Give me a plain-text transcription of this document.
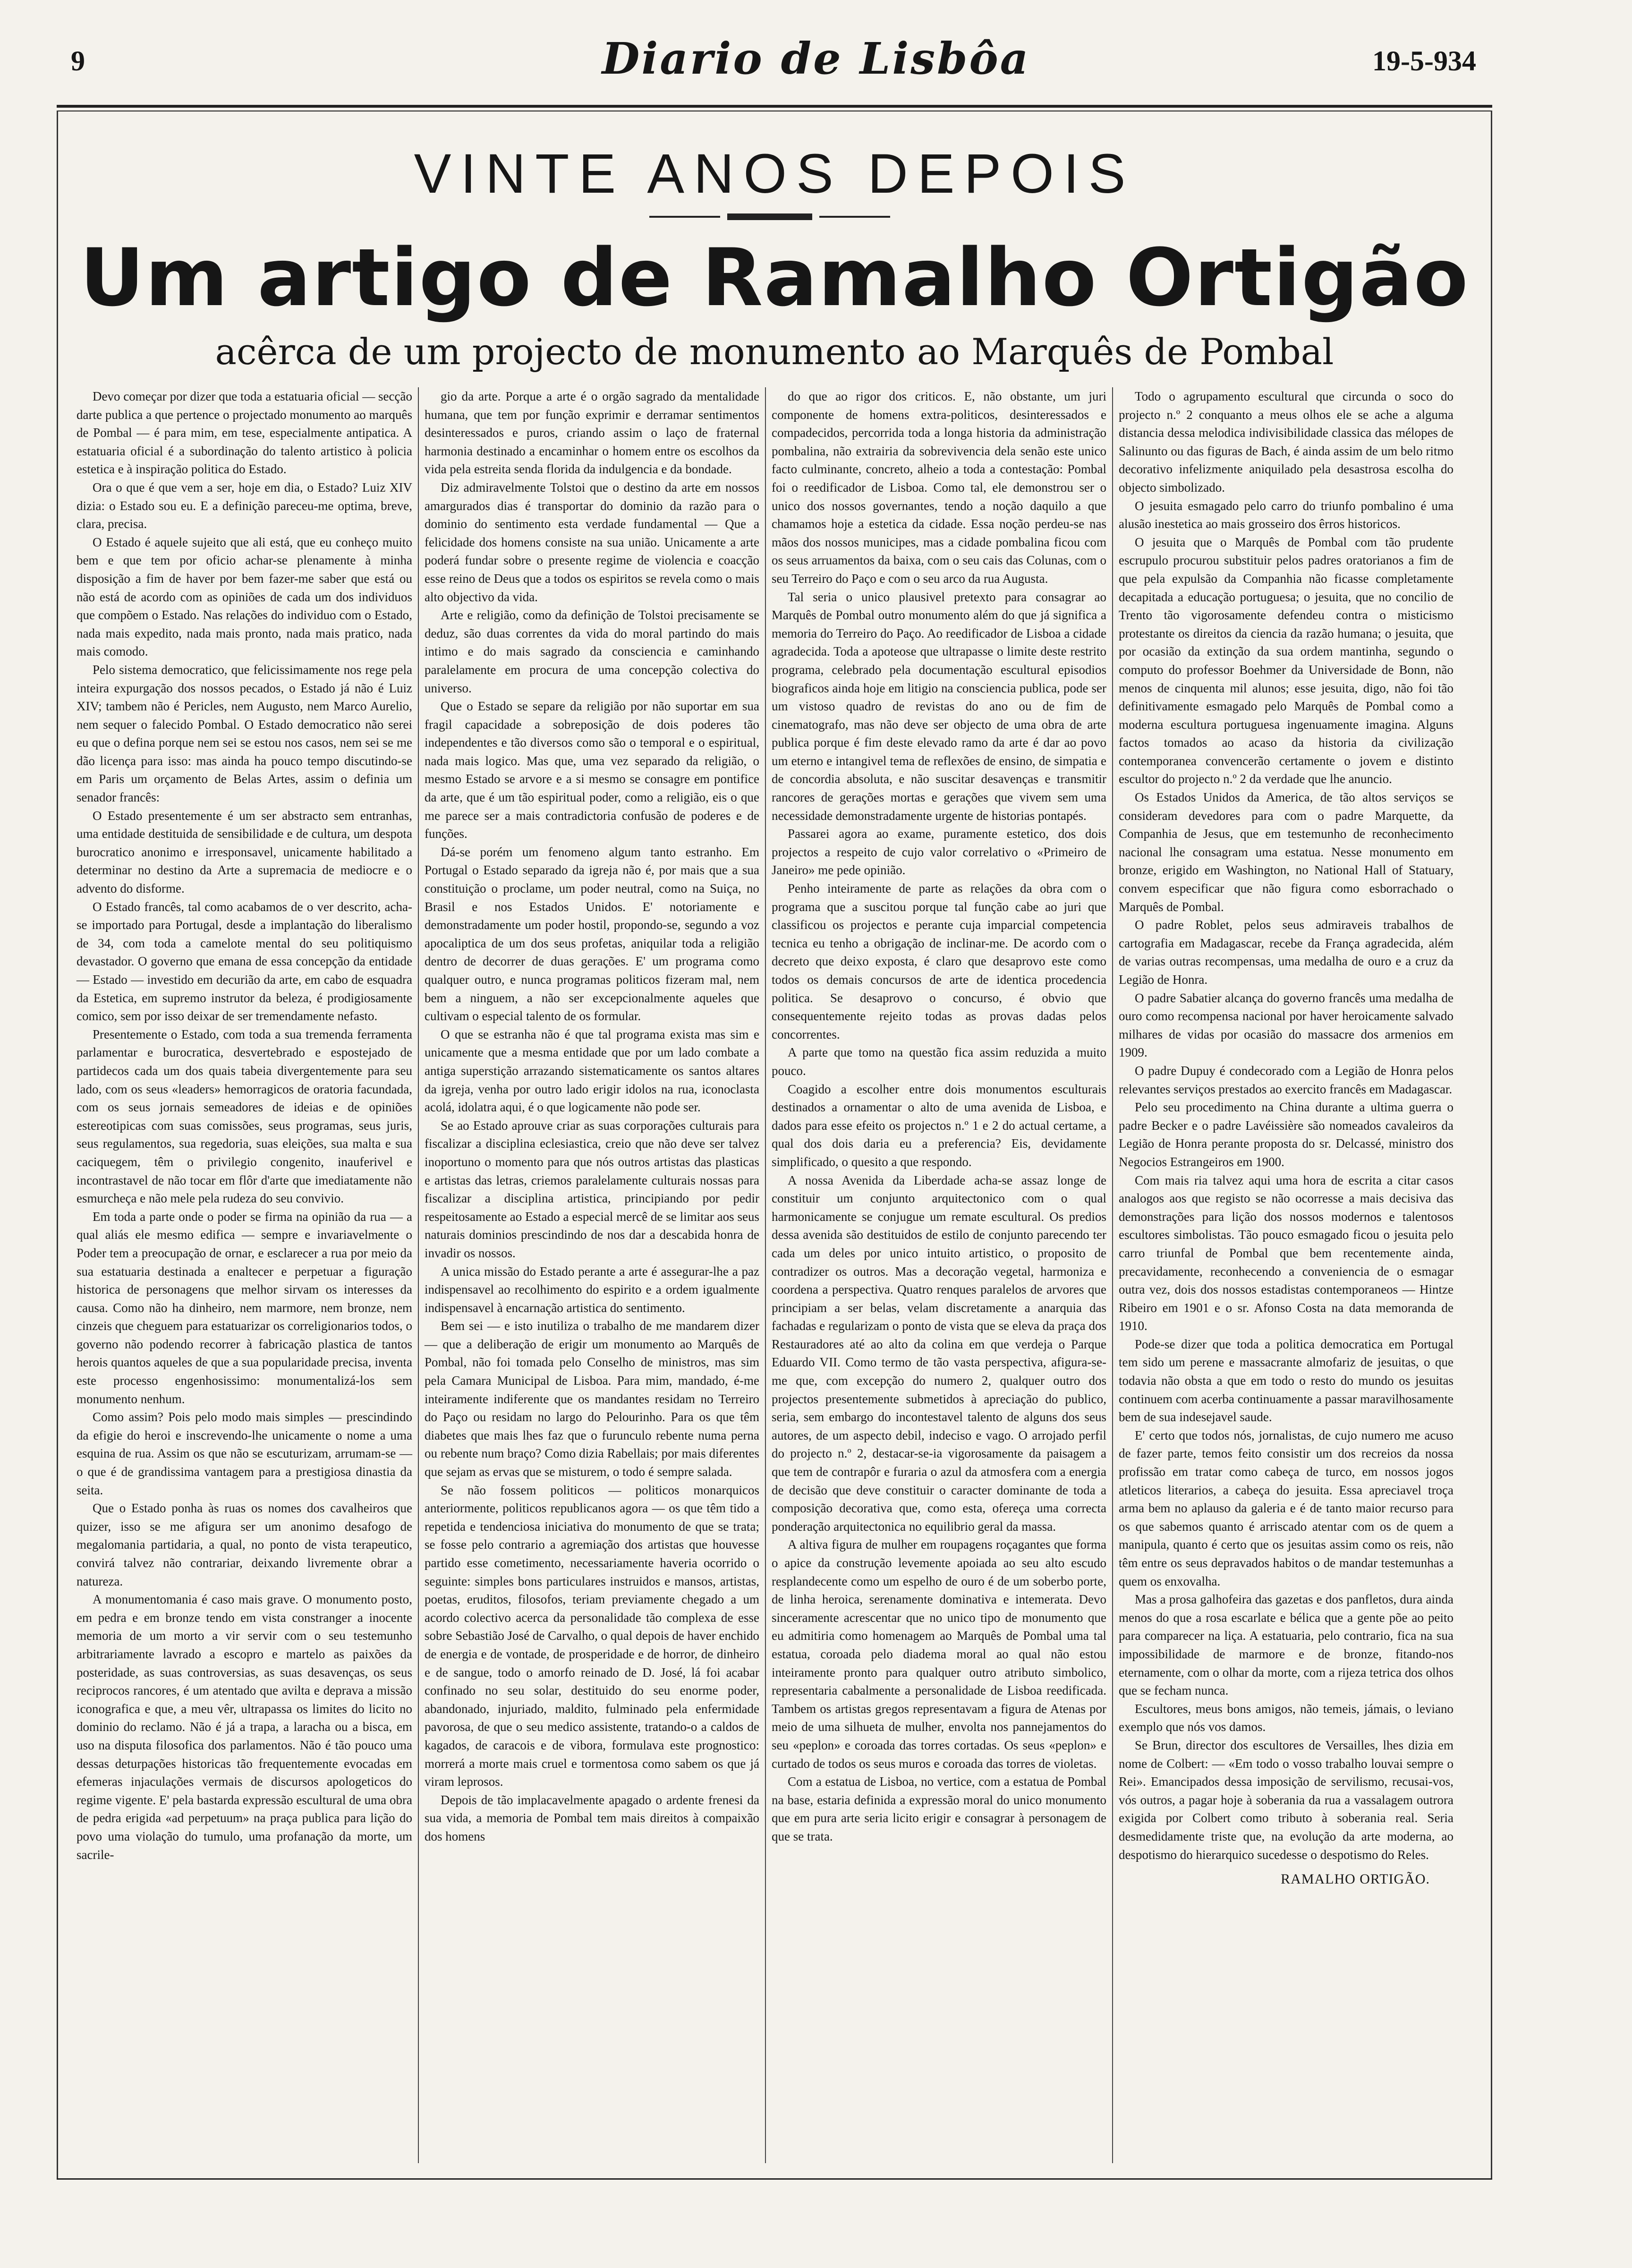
9	Diario de Lisbôa	19-5-934
VINTE ANOS DEPOIS
Um artigo de Ramalho Ortigão
acêrca de um projecto de monumento ao Marquês de Pombal

Devo começar por dizer que toda a estatuaria oficial — secção darte publica a que pertence o projectado monumento ao marquês de Pombal — é para mim, em tese, especialmente antipatica. A estatuaria oficial é a subordinação do talento artistico à policia estetica e à inspiração politica do Estado.

Ora o que é que vem a ser, hoje em dia, o Estado? Luiz XIV dizia: o Estado sou eu. E a definição pareceu-me optima, breve, clara, precisa.

O Estado é aquele sujeito que ali está, que eu conheço muito bem e que tem por oficio achar-se plenamente à minha disposição a fim de haver por bem fazer-me saber que está ou não está de acordo com as opiniões de cada um dos individuos que compõem o Estado. Nas relações do individuo com o Estado, nada mais expedito, nada mais pronto, nada mais pratico, nada mais comodo.

Pelo sistema democratico, que felicissimamente nos rege pela inteira expurgação dos nossos pecados, o Estado já não é Luiz XIV; tambem não é Pericles, nem Augusto, nem Marco Aurelio, nem sequer o falecido Pombal. O Estado democratico não serei eu que o defina porque nem sei se estou nos casos, nem sei se me dão licença para isso: mas ainda ha pouco tempo discutindo-se em Paris um orçamento de Belas Artes, assim o definia um senador francês:

O Estado presentemente é um ser abstracto sem entranhas, uma entidade destituida de sensibilidade e de cultura, um despota burocratico anonimo e irresponsavel, unicamente habilitado a determinar no destino da Arte a supremacia de mediocre e o advento do disforme.

O Estado francês, tal como acabamos de o ver descrito, acha-se importado para Portugal, desde a implantação do liberalismo de 34, com toda a camelote mental do seu politiquismo devastador. O governo que emana de essa concepção da entidade — Estado — investido em decurião da arte, em cabo de esquadra da Estetica, em supremo instrutor da beleza, é prodigiosamente comico, sem por isso deixar de ser tremendamente nefasto.

Presentemente o Estado, com toda a sua tremenda ferramenta parlamentar e burocratica, desvertebrado e espostejado de partidecos cada um dos quais tabeia divergentemente para seu lado, com os seus «leaders» hemorragicos de oratoria facundada, com os seus jornais semeadores de ideias e de opiniões estereotipicas com suas comissões, seus programas, seus juris, seus regulamentos, sua regedoria, suas eleições, sua malta e sua caciquegem, têm o privilegio congenito, inauferivel e incontrastavel de não tocar em flôr d'arte que imediatamente não esmurcheça e não mele pela rudeza do seu convivio.

Em toda a parte onde o poder se firma na opinião da rua — a qual aliás ele mesmo edifica — sempre e invariavelmente o Poder tem a preocupação de ornar, e esclarecer a rua por meio da sua estatuaria destinada a enaltecer e perpetuar a figuração historica de personagens que melhor sirvam os interesses da causa. Como não ha dinheiro, nem marmore, nem bronze, nem cinzeis que cheguem para estatuarizar os correligionarios todos, o governo não podendo recorrer à fabricação plastica de tantos herois quantos aqueles de que a sua popularidade precisa, inventa este processo engenhosissimo: monumentalizá-los sem monumento nenhum.

Como assim? Pois pelo modo mais simples — prescindindo da efigie do heroi e inscrevendo-lhe unicamente o nome a uma esquina de rua. Assim os que não se escuturizam, arrumam-se — o que é de grandissima vantagem para a prestigiosa dinastia da seita.

Que o Estado ponha às ruas os nomes dos cavalheiros que quizer, isso se me afigura ser um anonimo desafogo de megalomania partidaria, a qual, no ponto de vista terapeutico, convirá talvez não contrariar, deixando livremente obrar a natureza.

A monumentomania é caso mais grave. O monumento posto, em pedra e em bronze tendo em vista constranger a inocente memoria de um morto a vir servir com o seu testemunho arbitrariamente lavrado a escopro e martelo as paixões da posteridade, as suas controversias, as suas desavenças, os seus reciprocos rancores, é um atentado que avilta e deprava a missão iconografica e que, a meu vêr, ultrapassa os limites do licito no dominio do reclamo. Não é já a trapa, a laracha ou a bisca, em uso na disputa filosofica dos parlamentos. Não é tão pouco uma dessas deturpações historicas tão frequentemente evocadas em efemeras injaculações vermais de discursos apologeticos do regime vigente. E' pela bastarda expressão escultural de uma obra de pedra erigida «ad perpetuum» na praça publica para lição do povo uma violação do tumulo, uma profanação da morte, um sacrile-

gio da arte. Porque a arte é o orgão sagrado da mentalidade humana, que tem por função exprimir e derramar sentimentos desinteressados e puros, criando assim o laço de fraternal harmonia destinado a encaminhar o homem entre os escolhos da vida pela estreita senda florida da indulgencia e da bondade.

Diz admiravelmente Tolstoi que o destino da arte em nossos amargurados dias é transportar do dominio da razão para o dominio do sentimento esta verdade fundamental — Que a felicidade dos homens consiste na sua união. Unicamente a arte poderá fundar sobre o presente regime de violencia e coacção esse reino de Deus que a todos os espiritos se revela como o mais alto objectivo da vida.

Arte e religião, como da definição de Tolstoi precisamente se deduz, são duas correntes da vida do moral partindo do mais intimo e do mais sagrado da consciencia e caminhando paralelamente em procura de uma concepção colectiva do universo.

Que o Estado se separe da religião por não suportar em sua fragil capacidade a sobreposição de dois poderes tão independentes e tão diversos como são o temporal e o espiritual, nada mais logico. Mas que, uma vez separado da religião, o mesmo Estado se arvore e a si mesmo se consagre em pontifice da arte, que é um tão espiritual poder, como a religião, eis o que me parece ser a mais contradictoria confusão de poderes e de funções.

Dá-se porém um fenomeno algum tanto estranho. Em Portugal o Estado separado da igreja não é, por mais que a sua constituição o proclame, um poder neutral, como na Suiça, no Brasil e nos Estados Unidos. E' notoriamente e demonstradamente um poder hostil, propondo-se, segundo a voz apocaliptica de um dos seus profetas, aniquilar toda a religião dentro de decorrer de duas gerações. E' um programa como qualquer outro, e nunca programas politicos fizeram mal, nem bem a ninguem, a não ser excepcionalmente aqueles que cultivam o especial talento de os formular.

O que se estranha não é que tal programa exista mas sim e unicamente que a mesma entidade que por um lado combate a antiga superstição arrazando sistematicamente os santos altares da igreja, venha por outro lado erigir idolos na rua, iconoclasta acolá, idolatra aqui, é o que logicamente não pode ser.

Se ao Estado aprouve criar as suas corporações culturais para fiscalizar a disciplina eclesiastica, creio que não deve ser talvez inoportuno o momento para que nós outros artistas das plasticas e artistas das letras, criemos paralelamente culturais nossas para fiscalizar a disciplina artistica, principiando por pedir respeitosamente ao Estado a especial mercê de se limitar aos seus naturais dominios prescindindo de nos dar a descabida honra de invadir os nossos.

A unica missão do Estado perante a arte é assegurar-lhe a paz indispensavel ao recolhimento do espirito e a ordem igualmente indispensavel à encarnação artistica do sentimento.

Bem sei — e isto inutiliza o trabalho de me mandarem dizer — que a deliberação de erigir um monumento ao Marquês de Pombal, não foi tomada pelo Conselho de ministros, mas sim pela Camara Municipal de Lisboa. Para mim, mandado, é-me inteiramente indiferente que os mandantes residam no Terreiro do Paço ou residam no largo do Pelourinho. Para os que têm diabetes que mais lhes faz que o furunculo rebente numa perna ou rebente num braço? Como dizia Rabellais; por mais diferentes que sejam as ervas que se misturem, o todo é sempre salada.

Se não fossem politicos — politicos monarquicos anteriormente, politicos republicanos agora — os que têm tido a repetida e tendenciosa iniciativa do monumento de que se trata; se fosse pelo contrario a agremiação dos artistas que houvesse partido esse cometimento, necessariamente haveria ocorrido o seguinte: simples bons particulares instruidos e mansos, artistas, poetas, eruditos, filosofos, teriam previamente chegado a um acordo colectivo acerca da personalidade tão complexa de esse sobre Sebastião José de Carvalho, o qual depois de haver enchido de energia e de vontade, de prosperidade e de horror, de dinheiro e de sangue, todo o amorfo reinado de D. José, lá foi acabar confinado no seu solar, destituido do seu enorme poder, abandonado, injuriado, maldito, fulminado pela enfermidade pavorosa, de que o seu medico assistente, tratando-o a caldos de kagados, de caracois e de vibora, formulava este prognostico: morrerá a morte mais cruel e tormentosa como sabem os que já viram leprosos.

Depois de tão implacavelmente apagado o ardente frenesi da sua vida, a memoria de Pombal tem mais direitos à compaixão dos homens

do que ao rigor dos criticos. E, não obstante, um juri componente de homens extra-politicos, desinteressados e compadecidos, percorrida toda a longa historia da administração pombalina, não extrairia da sobrevivencia dela senão este unico facto culminante, concreto, alheio a toda a contestação: Pombal foi o reedificador de Lisboa. Como tal, ele demonstrou ser o unico dos nossos governantes, tendo a noção daquilo a que chamamos hoje a estetica da cidade. Essa noção perdeu-se nas mãos dos nossos municipes, mas a cidade pombalina ficou com os seus arruamentos da baixa, com o seu cais das Colunas, com o seu Terreiro do Paço e com o seu arco da rua Augusta.

Tal seria o unico plausivel pretexto para consagrar ao Marquês de Pombal outro monumento além do que já significa a memoria do Terreiro do Paço. Ao reedificador de Lisboa a cidade agradecida. Toda a apoteose que ultrapasse o limite deste restrito programa, celebrado pela documentação escultural episodios biograficos ainda hoje em litigio na consciencia publica, pode ser um vistoso quadro de revistas do ano ou de fim de cinematografo, mas não deve ser objecto de uma obra de arte publica porque é fim deste elevado ramo da arte é dar ao povo um eterno e intangivel tema de reflexões de ensino, de simpatia e de concordia absoluta, e não suscitar desavenças e transmitir rancores de gerações mortas e gerações que vivem sem uma necessidade demonstradamente urgente de historias pontapés.

Passarei agora ao exame, puramente estetico, dos dois projectos a respeito de cujo valor correlativo o «Primeiro de Janeiro» me pede opinião.

Penho inteiramente de parte as relações da obra com o programa que a suscitou porque tal função cabe ao juri que classificou os projectos e perante cuja imparcial competencia tecnica eu tenho a obrigação de inclinar-me. De acordo com o decreto que deixo exposta, é claro que desaprovo este como todos os demais concursos de arte de identica procedencia politica. Se desaprovo o concurso, é obvio que consequentemente rejeito todas as provas dadas pelos concorrentes.

A parte que tomo na questão fica assim reduzida a muito pouco.

Coagido a escolher entre dois monumentos esculturais destinados a ornamentar o alto de uma avenida de Lisboa, e dados para esse efeito os projectos n.º 1 e 2 do actual certame, a qual dos dois daria eu a preferencia? Eis, devidamente simplificado, o quesito a que respondo.

A nossa Avenida da Liberdade acha-se assaz longe de constituir um conjunto arquitectonico com o qual harmonicamente se conjugue um remate escultural. Os predios dessa avenida são destituidos de estilo de conjunto parecendo ter cada um deles por unico intuito artistico, o proposito de contradizer os outros. Mas a decoração vegetal, harmoniza e coordena a perspectiva. Quatro renques paralelos de arvores que principiam a ser belas, velam discretamente a anarquia das fachadas e regularizam o ponto de vista que se eleva da praça dos Restauradores até ao alto da colina em que verdeja o Parque Eduardo VII. Como termo de tão vasta perspectiva, afigura-se-me que, com excepção do numero 2, qualquer outro dos projectos presentemente submetidos à apreciação do publico, seria, sem embargo do incontestavel talento de alguns dos seus autores, de um aspecto debil, indeciso e vago. O arrojado perfil do projecto n.º 2, destacar-se-ia vigorosamente da paisagem a que tem de contrapôr e furaria o azul da atmosfera com a energia de decisão que deve constituir o caracter dominante de toda a composição decorativa que, como esta, ofereça uma correcta ponderação arquitectonica no equilibrio geral da massa.

A altiva figura de mulher em roupagens roçagantes que forma o apice da construção levemente apoiada ao seu alto escudo resplandecente como um espelho de ouro é de um soberbo porte, de linha heroica, serenamente dominativa e intemerata. Devo sinceramente acrescentar que no unico tipo de monumento que eu admitiria como homenagem ao Marquês de Pombal uma tal estatua, coroada pelo diadema moral ao qual não estou inteiramente pronto para qualquer outro atributo simbolico, representaria cabalmente a personalidade de Lisboa reedificada. Tambem os artistas gregos representavam a figura de Atenas por meio de uma silhueta de mulher, envolta nos pannejamentos do seu «peplon» e coroada das torres cortadas. Os seus «peplon» e curtado de todos os seus muros e coroada das torres de violetas.

Com a estatua de Lisboa, no vertice, com a estatua de Pombal na base, estaria definida a expressão moral do unico monumento que em pura arte seria licito erigir e consagrar à personagem de que se trata.

Todo o agrupamento escultural que circunda o soco do projecto n.º 2 conquanto a meus olhos ele se ache a alguma distancia dessa melodica indivisibilidade classica das mélopes de Salinunto ou das figuras de Bach, é ainda assim de um belo ritmo decorativo infelizmente aniquilado pela desastrosa escolha do objecto simbolizado.

O jesuita esmagado pelo carro do triunfo pombalino é uma alusão inestetica ao mais grosseiro dos êrros historicos.

O jesuita que o Marquês de Pombal com tão prudente escrupulo procurou substituir pelos padres oratorianos a fim de que pela expulsão da Companhia não ficasse completamente decapitada a educação portuguesa; o jesuita, que no concilio de Trento tão vigorosamente defendeu contra o misticismo protestante os direitos da ciencia da razão humana; o jesuita, que por ocasião da extinção da sua ordem mantinha, segundo o computo do professor Boehmer da Universidade de Bonn, não menos de cinquenta mil alunos; esse jesuita, digo, não foi tão definitivamente esmagado pelo Marquês de Pombal como a moderna escultura portuguesa ingenuamente imagina. Alguns factos tomados ao acaso da historia da civilização contemporanea convencerão certamente o jovem e distinto escultor do projecto n.º 2 da verdade que lhe anuncio.

Os Estados Unidos da America, de tão altos serviços se consideram devedores para com o padre Marquette, da Companhia de Jesus, que em testemunho de reconhecimento nacional lhe consagram uma estatua. Nesse monumento em bronze, erigido em Washington, no National Hall of Statuary, convem especificar que não figura como esborrachado o Marquês de Pombal.

O padre Roblet, pelos seus admiraveis trabalhos de cartografia em Madagascar, recebe da França agradecida, além de varias outras recompensas, uma medalha de ouro e a cruz da Legião de Honra.

O padre Sabatier alcança do governo francês uma medalha de ouro como recompensa nacional por haver heroicamente salvado milhares de vidas por ocasião do massacre dos armenios em 1909.

O padre Dupuy é condecorado com a Legião de Honra pelos relevantes serviços prestados ao exercito francês em Madagascar.

Pelo seu procedimento na China durante a ultima guerra o padre Becker e o padre Lavéissière são nomeados cavaleiros da Legião de Honra perante proposta do sr. Delcassé, ministro dos Negocios Estrangeiros em 1900.

Com mais ria talvez aqui uma hora de escrita a citar casos analogos aos que registo se não ocorresse a mais decisiva das demonstrações para lição dos nossos modernos e talentosos escultores simbolistas. Tão pouco esmagado ficou o jesuita pelo carro triunfal de Pombal que bem recentemente ainda, precavidamente, reconhecendo a conveniencia de o esmagar outra vez, dois dos nossos estadistas contemporaneos — Hintze Ribeiro em 1901 e o sr. Afonso Costa na data memoranda de 1910.

Pode-se dizer que toda a politica democratica em Portugal tem sido um perene e massacrante almofariz de jesuitas, o que todavia não obsta a que em todo o resto do mundo os jesuitas continuem com acerba continuamente a passar maravilhosamente bem de sua indesejavel saude.

E' certo que todos nós, jornalistas, de cujo numero me acuso de fazer parte, temos feito consistir um dos recreios da nossa profissão em tratar como cabeça de turco, em nossos jogos atleticos literarios, a cabeça do jesuita. Essa apreciavel troça arma bem no aplauso da galeria e é de tanto maior recurso para os que sabemos quanto é arriscado atentar com os de quem a manipula, quanto é certo que os jesuitas assim como os reis, não têm entre os seus depravados habitos o de mandar testemunhas a quem os enxovalha.

Mas a prosa galhofeira das gazetas e dos panfletos, dura ainda menos do que a rosa escarlate e bélica que a gente põe ao peito para comparecer na liça. A estatuaria, pelo contrario, fica na sua impossibilidade de marmore e de bronze, fitando-nos eternamente, com o olhar da morte, com a rijeza tetrica dos olhos que se fecham nunca.

Escultores, meus bons amigos, não temeis, jámais, o leviano exemplo que nós vos damos.

Se Brun, director dos escultores de Versailles, lhes dizia em nome de Colbert: — «Em todo o vosso trabalho louvai sempre o Rei». Emancipados dessa imposição de servilismo, recusai-vos, vós outros, a pagar hoje à soberania da rua a vassalagem outrora exigida por Colbert como tributo à soberania real. Seria desmedidamente triste que, na evolução da arte moderna, ao despotismo do hierarquico sucedesse o despotismo do Reles.

RAMALHO ORTIGÃO.
